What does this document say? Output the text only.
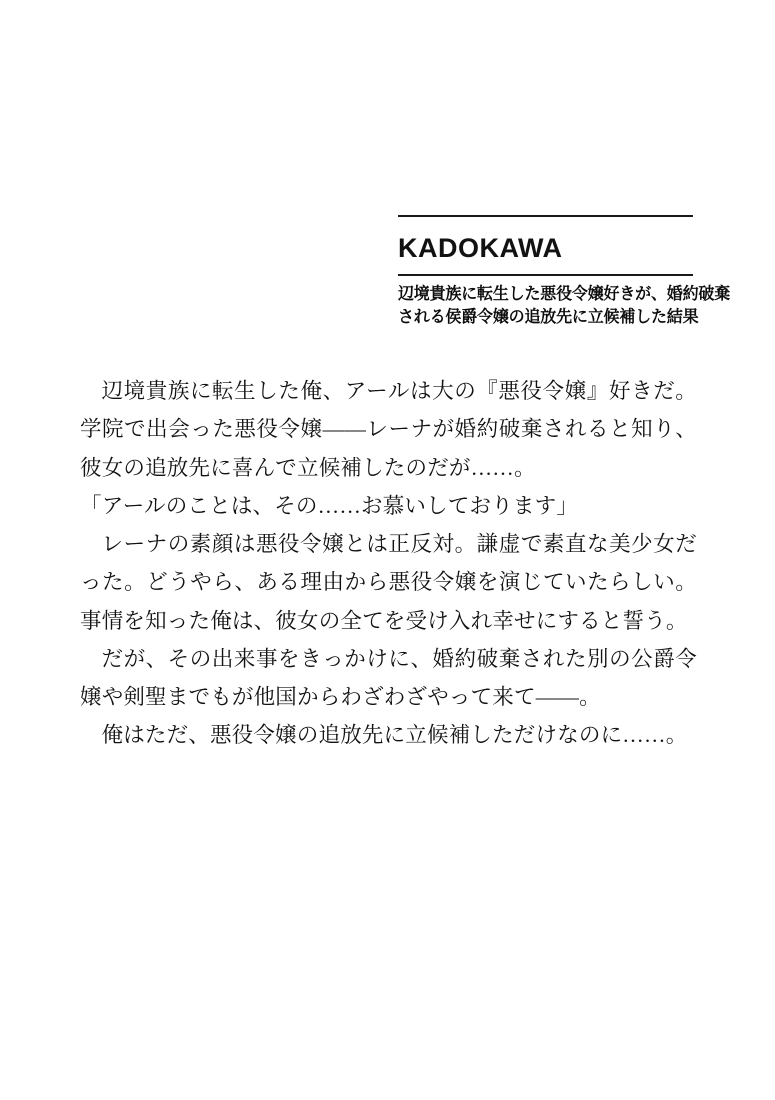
KADOKAWA
辺境貴族に転生した悪役令嬢好きが、婚約破棄
される侯爵令嬢の追放先に立候補した結果

辺境貴族に転生した俺、アールは大の『悪役令嬢』好きだ。学院で出会った悪役令嬢——レーナが婚約破棄されると知り、彼女の追放先に喜んで立候補したのだが……。

「アールのことは、その……お慕いしております」

レーナの素顔は悪役令嬢とは正反対。謙虚で素直な美少女だった。どうやら、ある理由から悪役令嬢を演じていたらしい。事情を知った俺は、彼女の全てを受け入れ幸せにすると誓う。

だが、その出来事をきっかけに、婚約破棄された別の公爵令嬢や剣聖までもが他国からわざわざやって来て——。

俺はただ、悪役令嬢の追放先に立候補しただけなのに……。
